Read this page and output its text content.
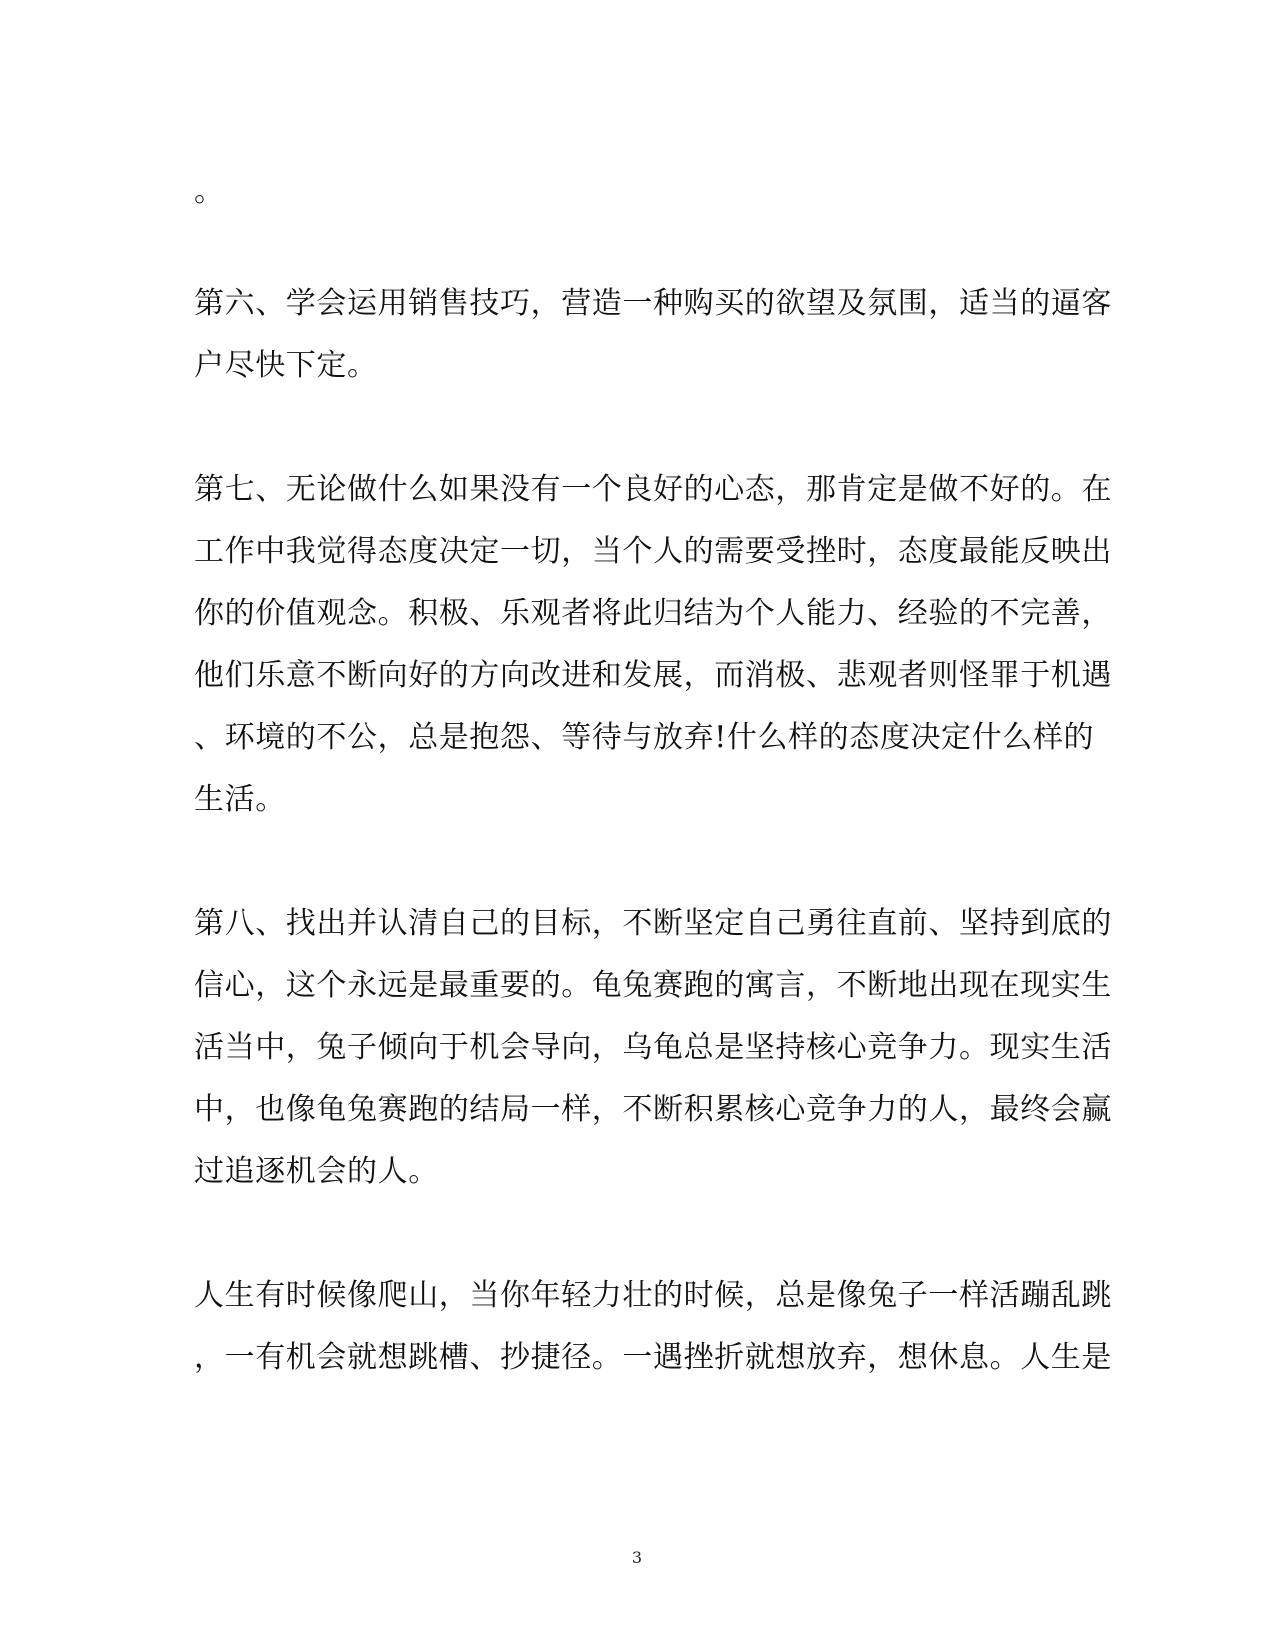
。
第六、学会运用销售技巧，营造一种购买的欲望及氛围，适当的逼客
户尽快下定。
第七、无论做什么如果没有一个良好的心态，那肯定是做不好的。在
工作中我觉得态度决定一切，当个人的需要受挫时，态度最能反映出
你的价值观念。积极、乐观者将此归结为个人能力、经验的不完善，
他们乐意不断向好的方向改进和发展，而消极、悲观者则怪罪于机遇
、环境的不公，总是抱怨、等待与放弃!什么样的态度决定什么样的
生活。
第八、找出并认清自己的目标，不断坚定自己勇往直前、坚持到底的
信心，这个永远是最重要的。龟兔赛跑的寓言，不断地出现在现实生
活当中，兔子倾向于机会导向，乌龟总是坚持核心竞争力。现实生活
中，也像龟兔赛跑的结局一样，不断积累核心竞争力的人，最终会赢
过追逐机会的人。
人生有时候像爬山，当你年轻力壮的时候，总是像兔子一样活蹦乱跳
，一有机会就想跳槽、抄捷径。一遇挫折就想放弃，想休息。人生是
3
